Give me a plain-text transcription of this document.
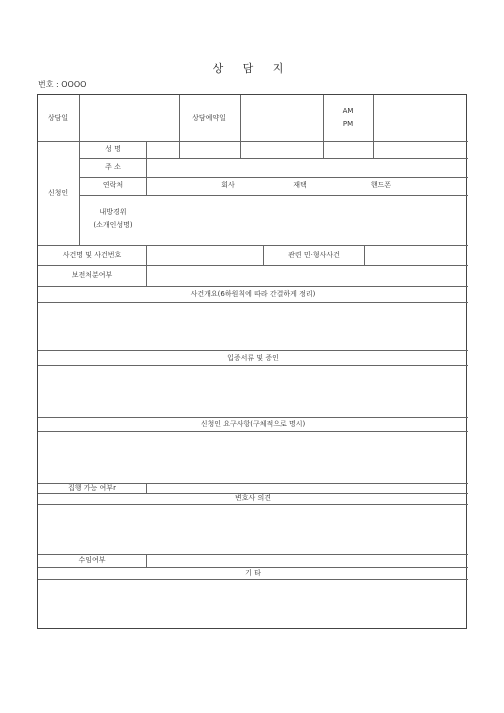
상 담 지
번호 : OOOO
상담일	상담예약일
AM
PM
신청인
성 명
주 소
연락처	회사	재택	핸드폰
내방경위
(소개인성명)
사건명 및 사건번호	관련 민·형사사건
보전처분여부
사건개요(6하원칙에 따라 간결하게 정리)
입증서류 및 증인
신청인 요구사항(구체적으로 명시)
집행 가능 여부r
변호사 의견
수임여부
기 타
